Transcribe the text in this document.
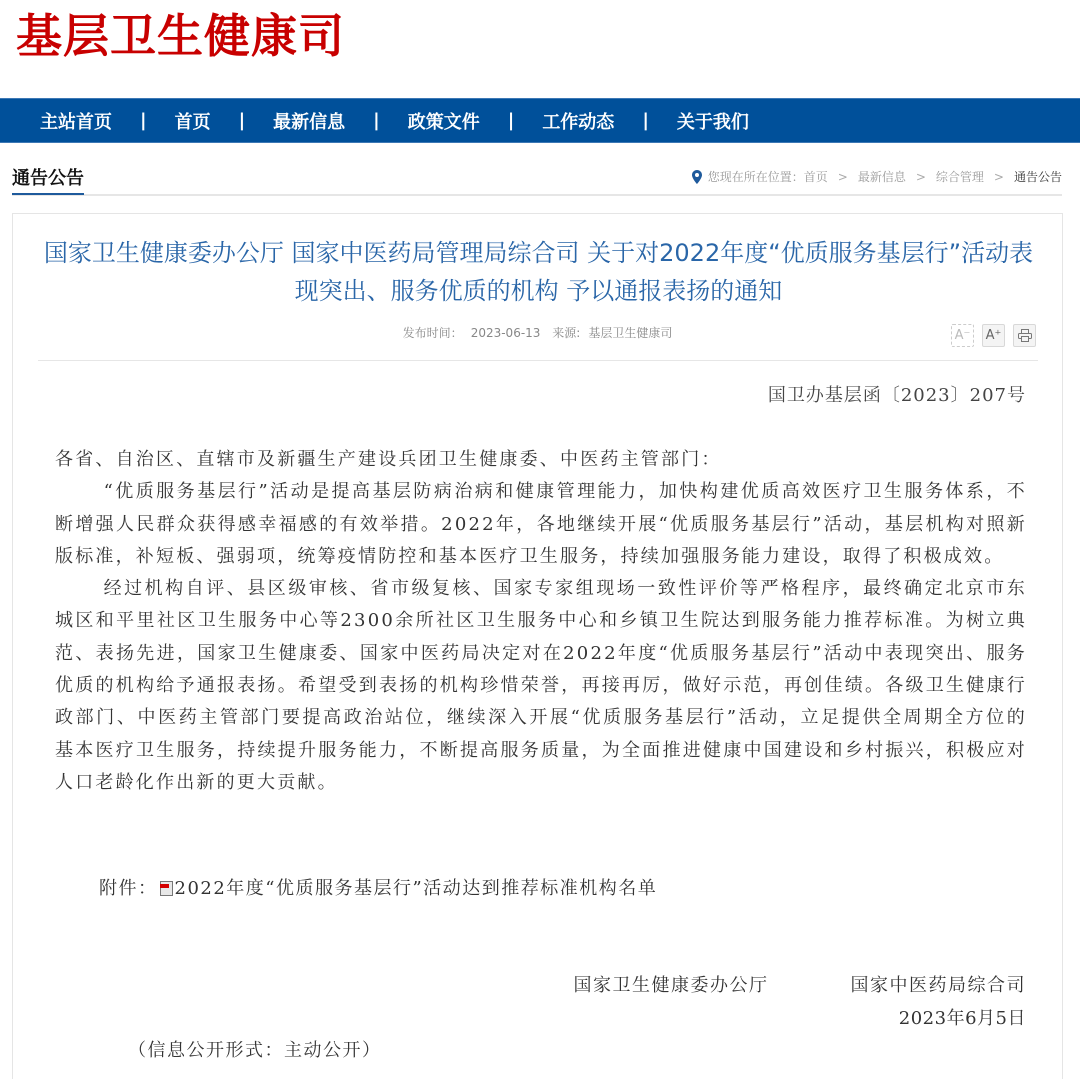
基层卫生健康司
主站首页 | 首页 | 最新信息 | 政策文件 | 工作动态 | 关于我们
通告公告	您现在所在位置： 首页 > 最新信息 > 综合管理 > 通告公告
国家卫生健康委办公厅 国家中医药局管理局综合司 关于对2022年度“优质服务基层行”活动表现突出、服务优质的机构 予以通报表扬的通知
发布时间： 2023-06-13 来源: 基层卫生健康司	A⁻ A⁺
国卫办基层函〔2023〕207号

各省、自治区、直辖市及新疆生产建设兵团卫生健康委、中医药主管部门：

“优质服务基层行”活动是提高基层防病治病和健康管理能力，加快构建优质高效医疗卫生服务体系，不断增强人民群众获得感幸福感的有效举措。2022年，各地继续开展“优质服务基层行”活动，基层机构对照新版标准，补短板、强弱项，统筹疫情防控和基本医疗卫生服务，持续加强服务能力建设，取得了积极成效。

经过机构自评、县区级审核、省市级复核、国家专家组现场一致性评价等严格程序，最终确定北京市东城区和平里社区卫生服务中心等2300余所社区卫生服务中心和乡镇卫生院达到服务能力推荐标准。为树立典范、表扬先进，国家卫生健康委、国家中医药局决定对在2022年度“优质服务基层行”活动中表现突出、服务优质的机构给予通报表扬。希望受到表扬的机构珍惜荣誉，再接再厉，做好示范，再创佳绩。各级卫生健康行政部门、中医药主管部门要提高政治站位，继续深入开展“优质服务基层行”活动，立足提供全周期全方位的基本医疗卫生服务，持续提升服务能力，不断提高服务质量，为全面推进健康中国建设和乡村振兴，积极应对人口老龄化作出新的更大贡献。

附件： 2022年度“优质服务基层行”活动达到推荐标准机构名单
国家卫生健康委办公厅	国家中医药局综合司
2023年6月5日
（信息公开形式：主动公开）
